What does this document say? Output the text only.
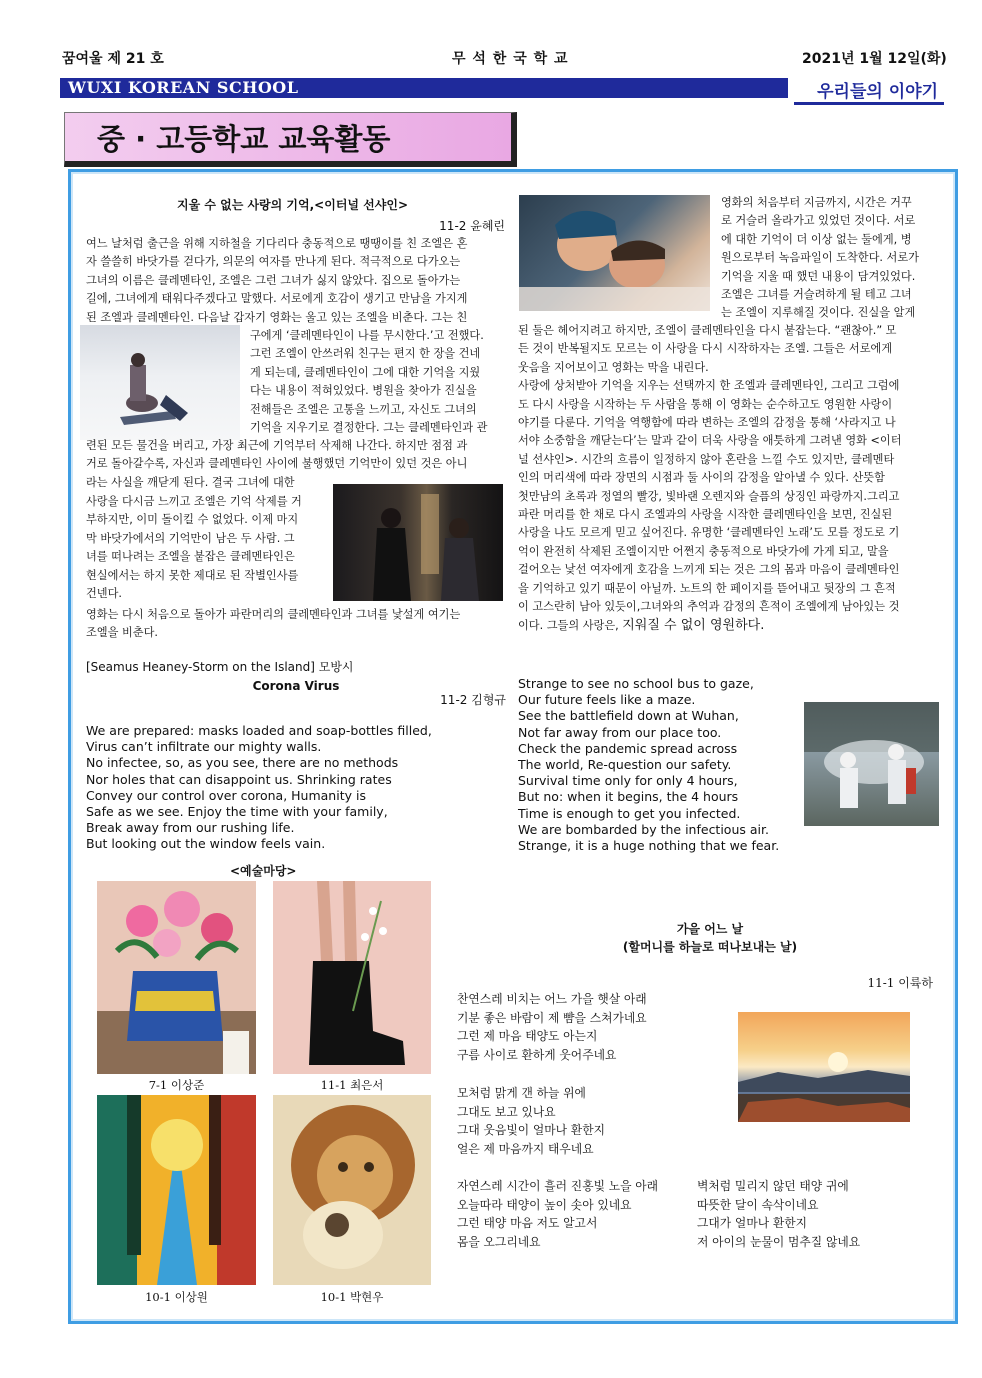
꿈여울 제 21 호	무 석 한 국 학 교	2021년 1월 12일(화)
WUXI KOREAN SCHOOL	우리들의 이야기
중 · 고등학교 교육활동
지울 수 없는 사랑의 기억,<이터널 선샤인>
11-2 윤혜린

여느 날처럼 출근을 위해 지하철을 기다리다 충동적으로 땡땡이를 친 조엘은 혼

자 쓸쓸히 바닷가를 걷다가, 의문의 여자를 만나게 된다. 적극적으로 다가오는

그녀의 이름은 클레멘타인, 조엘은 그런 그녀가 싫지 않았다. 집으로 돌아가는

길에, 그녀에게 태워다주겠다고 말했다. 서로에게 호감이 생기고 만남을 가지게

된 조엘과 클레멘타인. 다음날 갑자기 영화는 울고 있는 조엘을 비춘다. 그는 친

구에게 ‘클레멘타인이 나를 무시한다.’고 전했다.

그런 조엘이 안쓰러워 친구는 편지 한 장을 건네

게 되는데, 클레멘타인이 그에 대한 기억을 지웠

다는 내용이 적혀있었다. 병원을 찾아가 진실을

전해들은 조엘은 고통을 느끼고, 자신도 그녀의

기억을 지우기로 결정한다. 그는 클레멘타인과 관

련된 모든 물건을 버리고, 가장 최근에 기억부터 삭제해 나간다. 하지만 점점 과

거로 돌아갈수록, 자신과 클레멘타인 사이에 불행했던 기억만이 있던 것은 아니

라는 사실을 깨닫게 된다. 결국 그녀에 대한

사랑을 다시금 느끼고 조엘은 기억 삭제를 거

부하지만, 이미 돌이킬 수 없었다. 이제 마지

막 바닷가에서의 기억만이 남은 두 사람. 그

녀를 떠나려는 조엘을 붙잡은 클레멘타인은

현실에서는 하지 못한 제대로 된 작별인사를

건넨다.

영화는 다시 처음으로 돌아가 파란머리의 클레멘타인과 그녀를 낯설게 여기는

조엘을 비춘다.

영화의 처음부터 지금까지, 시간은 거꾸

로 거슬러 올라가고 있었던 것이다. 서로

에 대한 기억이 더 이상 없는 둘에게, 병

원으로부터 녹음파일이 도착한다. 서로가

기억을 지울 때 했던 내용이 담겨있었다.

조엘은 그녀를 거슬려하게 될 테고 그녀

는 조엘이 지루해질 것이다. 진실을 알게

된 둘은 헤어지려고 하지만, 조엘이 클레멘타인을 다시 붙잡는다. “괜찮아.” 모

든 것이 반복될지도 모르는 이 사랑을 다시 시작하자는 조엘. 그들은 서로에게

웃음을 지어보이고 영화는 막을 내린다.

사랑에 상처받아 기억을 지우는 선택까지 한 조엘과 클레멘타인, 그리고 그럼에

도 다시 사랑을 시작하는 두 사람을 통해 이 영화는 순수하고도 영원한 사랑이

야기를 다룬다. 기억을 역행함에 따라 변하는 조엘의 감정을 통해 ‘사라지고 나

서야 소중함을 깨닫는다’는 말과 같이 더욱 사랑을 애틋하게 그려낸 영화 <이터

널 선샤인>. 시간의 흐름이 일정하지 않아 혼란을 느낄 수도 있지만, 클레멘타

인의 머리색에 따라 장면의 시점과 둘 사이의 감정을 알아낼 수 있다. 산뜻함

첫만남의 초록과 정열의 빨강, 빛바랜 오렌지와 슬픔의 상징인 파랑까지.그리고

파란 머리를 한 채로 다시 조엘과의 사랑을 시작한 클레멘타인을 보면, 진실된

사랑을 나도 모르게 믿고 싶어진다. 유명한 ‘클레멘타인 노래’도 모를 정도로 기

억이 완전히 삭제된 조엘이지만 어쩐지 충동적으로 바닷가에 가게 되고, 말을

걸어오는 낯선 여자에게 호감을 느끼게 되는 것은 그의 몸과 마음이 클레멘타인

을 기억하고 있기 때문이 아닐까. 노트의 한 페이지를 뜯어내고 뒷장의 그 흔적

이 고스란히 남아 있듯이,그녀와의 추억과 감정의 흔적이 조엘에게 남아있는 것

이다. 그들의 사랑은, 지워질 수 없이 영원하다.

[Seamus Heaney-Storm on the Island] 모방시
Corona Virus
11-2 김형규

We are prepared: masks loaded and soap-bottles filled,

Virus can’t infiltrate our mighty walls.

No infectee, so, as you see, there are no methods

Nor holes that can disappoint us. Shrinking rates

Convey our control over corona, Humanity is

Safe as we see. Enjoy the time with your family,

Break away from our rushing life.

But looking out the window feels vain.

Strange to see no school bus to gaze,

Our future feels like a maze.

See the battlefield down at Wuhan,

Not far away from our place too.

Check the pandemic spread across

The world, Re-question our safety.

Survival time only for only 4 hours,

But no: when it begins, the 4 hours

Time is enough to get you infected.

We are bombarded by the infectious air.

Strange, it is a huge nothing that we fear.

<예술마당>
7-1 이상준	11-1 최은서
10-1 이상원	10-1 박현우
가을 어느 날
(할머니를 하늘로 떠나보내는 날)
11-1 이륙하

찬연스레 비치는 어느 가을 햇살 아래

기분 좋은 바람이 제 뺨을 스쳐가네요

그런 제 마음 태양도 아는지

구름 사이로 환하게 웃어주네요

모처럼 맑게 갠 하늘 위에

그대도 보고 있나요

그대 웃음빛이 얼마나 환한지

얼은 제 마음까지 태우네요

자연스레 시간이 흘러 진홍빛 노을 아래

오늘따라 태양이 높이 솟아 있네요

그런 태양 마음 저도 알고서

몸을 오그리네요

벽처럼 밀리지 않던 태양 귀에

따뜻한 달이 속삭이네요

그대가 얼마나 환한지

저 아이의 눈물이 멈추질 않네요
